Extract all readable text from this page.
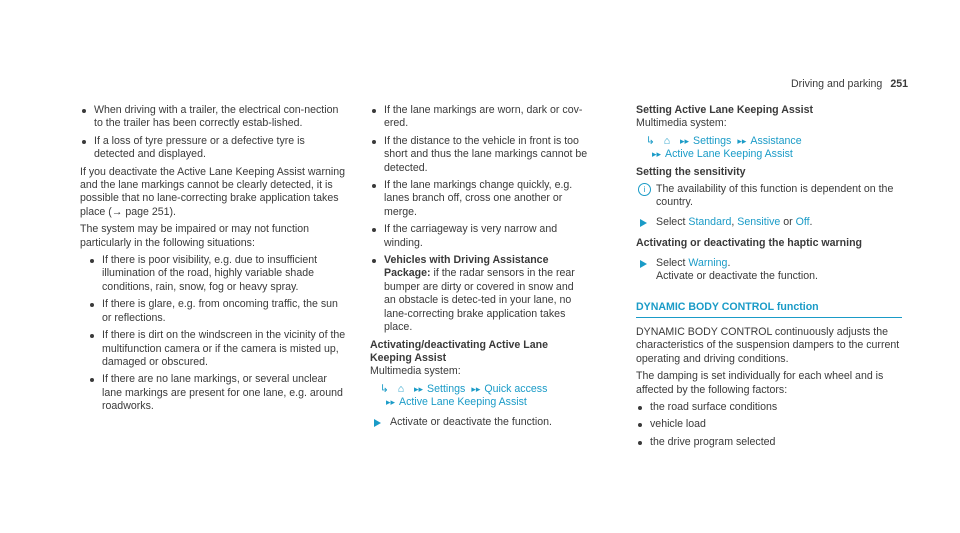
Driving and parking 251
When driving with a trailer, the electrical con-nection to the trailer has been correctly estab-lished.
If a loss of tyre pressure or a defective tyre is detected and displayed.

If you deactivate the Active Lane Keeping Assist warning and the lane markings cannot be clearly detected, it is possible that no lane-correcting brake application takes place (→ page 251).

The system may be impaired or may not function particularly in the following situations:

If there is poor visibility, e.g. due to insufficient illumination of the road, highly variable shade conditions, rain, snow, fog or heavy spray.
If there is glare, e.g. from oncoming traffic, the sun or reflections.
If there is dirt on the windscreen in the vicinity of the multifunction camera or if the camera is misted up, damaged or obscured.
If there are no lane markings, or several unclear lane markings are present for one lane, e.g. around roadworks.
If the lane markings are worn, dark or cov-ered.
If the distance to the vehicle in front is too short and thus the lane markings cannot be detected.
If the lane markings change quickly, e.g. lanes branch off, cross one another or merge.
If the carriageway is very narrow and winding.
Vehicles with Driving Assistance Package: if the radar sensors in the rear bumper are dirty or covered in snow and an obstacle is detec-ted in your lane, no lane-correcting brake application takes place.

Activating/deactivating Active Lane Keeping Assist

Multimedia system:

↳ ⌂ ▸▸ Settings ▸▸ Quick access
▸▸ Active Lane Keeping Assist
Activate or deactivate the function.

Setting Active Lane Keeping Assist

Multimedia system:

↳ ⌂ ▸▸ Settings ▸▸ Assistance
▸▸ Active Lane Keeping Assist

Setting the sensitivity

i	The availability of this function is dependent on the country.
Select Standard, Sensitive or Off.

Activating or deactivating the haptic warning

Select Warning.
Activate or deactivate the function.
DYNAMIC BODY CONTROL function

DYNAMIC BODY CONTROL continuously adjusts the characteristics of the suspension dampers to the current operating and driving conditions.

The damping is set individually for each wheel and is affected by the following factors:

the road surface conditions
vehicle load
the drive program selected
